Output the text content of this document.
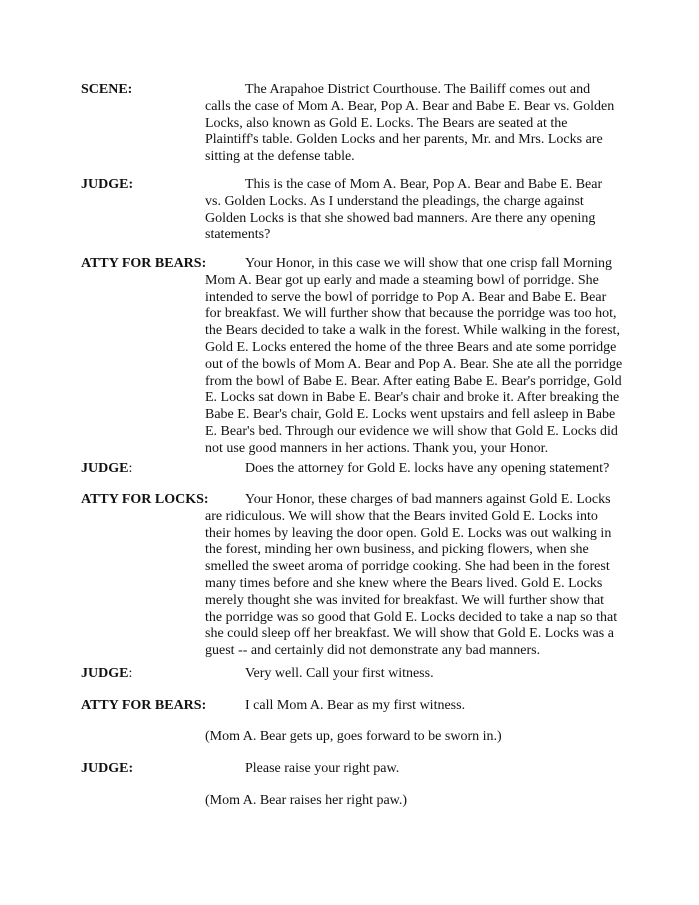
SCENE:	The Arapahoe District Courthouse. The Bailiff comes out and
calls the case of Mom A. Bear, Pop A. Bear and Babe E. Bear vs. Golden
Locks, also known as Gold E. Locks. The Bears are seated at the
Plaintiff's table. Golden Locks and her parents, Mr. and Mrs. Locks are
sitting at the defense table.
JUDGE:	This is the case of Mom A. Bear, Pop A. Bear and Babe E. Bear
vs. Golden Locks. As I understand the pleadings, the charge against
Golden Locks is that she showed bad manners. Are there any opening
statements?
ATTY FOR BEARS:	Your Honor, in this case we will show that one crisp fall Morning
Mom A. Bear got up early and made a steaming bowl of porridge. She
intended to serve the bowl of porridge to Pop A. Bear and Babe E. Bear
for breakfast. We will further show that because the porridge was too hot,
the Bears decided to take a walk in the forest. While walking in the forest,
Gold E. Locks entered the home of the three Bears and ate some porridge
out of the bowls of Mom A. Bear and Pop A. Bear. She ate all the porridge
from the bowl of Babe E. Bear. After eating Babe E. Bear's porridge, Gold
E. Locks sat down in Babe E. Bear's chair and broke it. After breaking the
Babe E. Bear's chair, Gold E. Locks went upstairs and fell asleep in Babe
E. Bear's bed. Through our evidence we will show that Gold E. Locks did
not use good manners in her actions. Thank you, your Honor.
JUDGE:	Does the attorney for Gold E. locks have any opening statement?
ATTY FOR LOCKS:	Your Honor, these charges of bad manners against Gold E. Locks
are ridiculous. We will show that the Bears invited Gold E. Locks into
their homes by leaving the door open. Gold E. Locks was out walking in
the forest, minding her own business, and picking flowers, when she
smelled the sweet aroma of porridge cooking. She had been in the forest
many times before and she knew where the Bears lived. Gold E. Locks
merely thought she was invited for breakfast. We will further show that
the porridge was so good that Gold E. Locks decided to take a nap so that
she could sleep off her breakfast. We will show that Gold E. Locks was a
guest -- and certainly did not demonstrate any bad manners.
JUDGE:	Very well. Call your first witness.
ATTY FOR BEARS:	I call Mom A. Bear as my first witness.
(Mom A. Bear gets up, goes forward to be sworn in.)
JUDGE:	Please raise your right paw.
(Mom A. Bear raises her right paw.)
